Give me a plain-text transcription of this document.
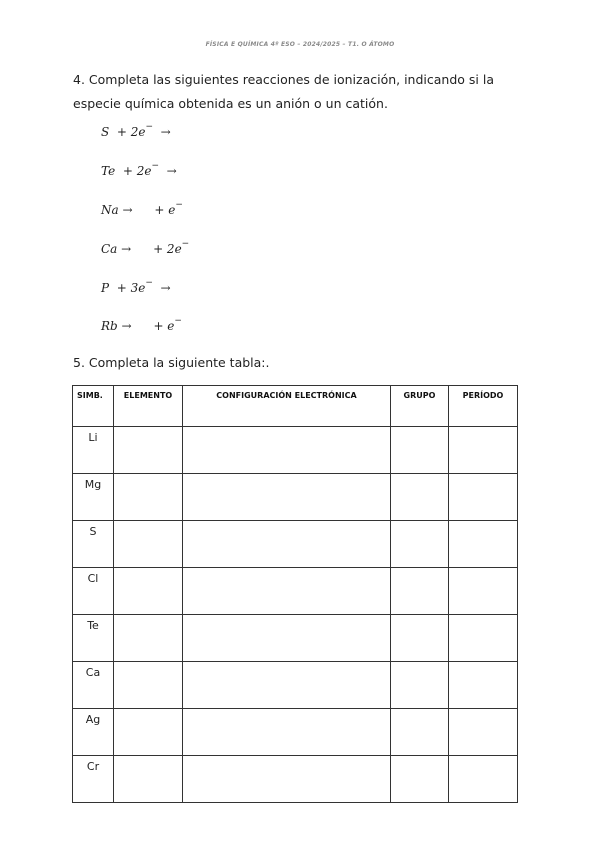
FÍSICA E QUÍMICA 4º ESO – 2024/2025 – T1. O ÁTOMO
4. Completa las siguientes reacciones de ionización, indicando si la especie química obtenida es un anión o un catión.
S + 2e− →
Te + 2e− →
Na → + e−
Ca → + 2e−
P + 3e− →
Rb → + e−
5. Completa la siguiente tabla:.
SIMB.	ELEMENTO	CONFIGURACIÓN ELECTRÓNICA	GRUPO	PERÍODO
Li				
Mg				
S				
Cl				
Te				
Ca				
Ag				
Cr				
